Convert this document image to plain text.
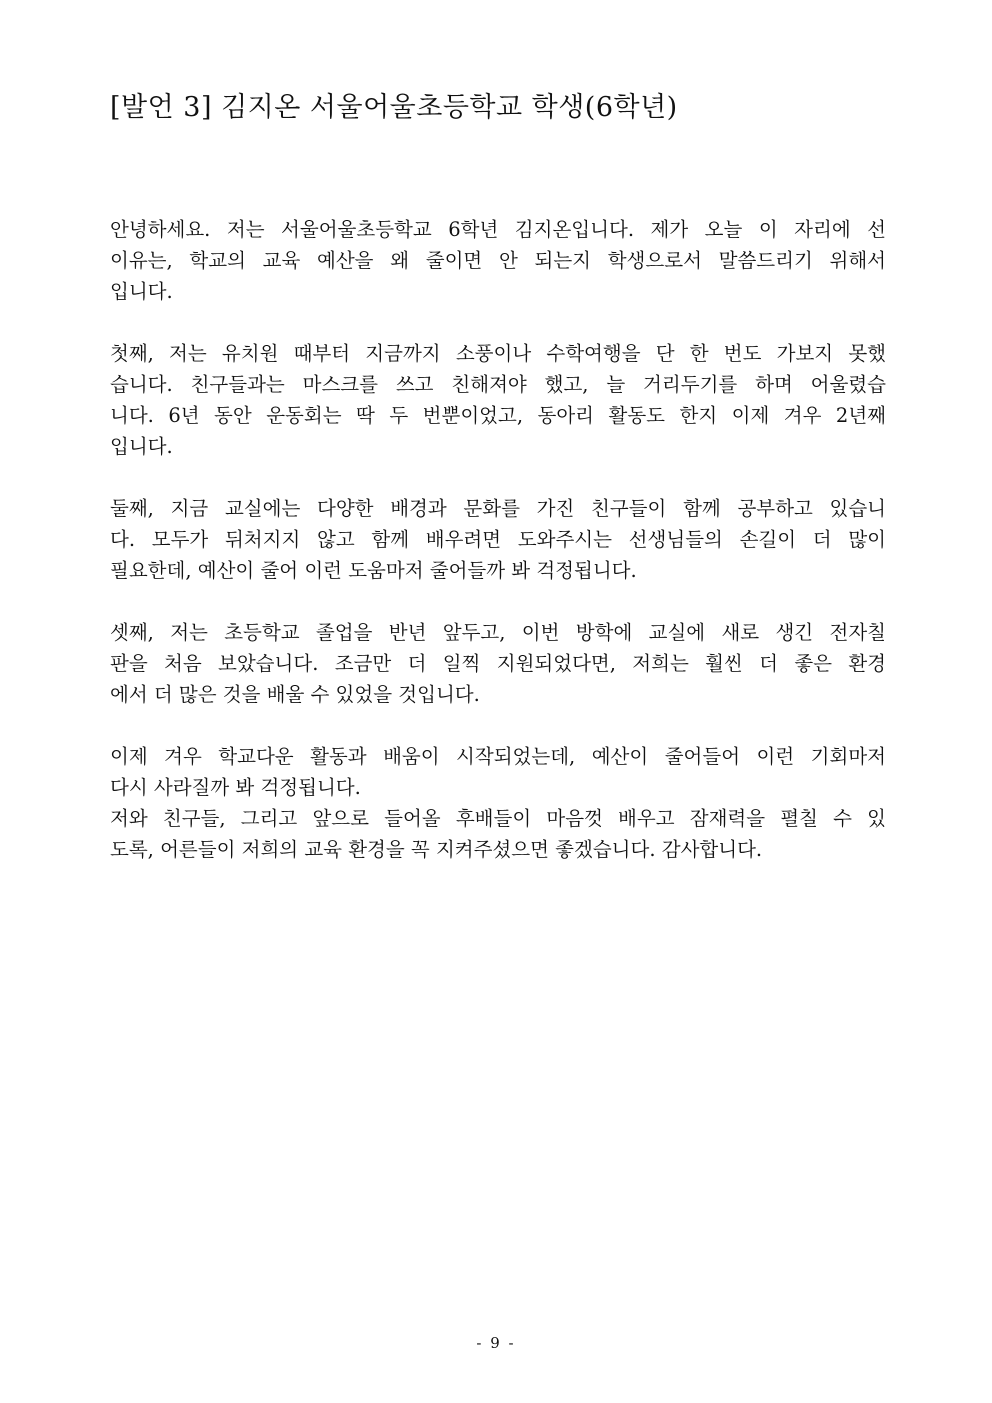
[발언 3] 김지온 서울어울초등학교 학생(6학년)
안녕하세요. 저는 서울어울초등학교 6학년 김지온입니다. 제가 오늘 이 자리에 선
이유는, 학교의 교육 예산을 왜 줄이면 안 되는지 학생으로서 말씀드리기 위해서
입니다.
첫째, 저는 유치원 때부터 지금까지 소풍이나 수학여행을 단 한 번도 가보지 못했
습니다. 친구들과는 마스크를 쓰고 친해져야 했고, 늘 거리두기를 하며 어울렸습
니다. 6년 동안 운동회는 딱 두 번뿐이었고, 동아리 활동도 한지 이제 겨우 2년째
입니다.
둘째, 지금 교실에는 다양한 배경과 문화를 가진 친구들이 함께 공부하고 있습니
다. 모두가 뒤처지지 않고 함께 배우려면 도와주시는 선생님들의 손길이 더 많이
필요한데, 예산이 줄어 이런 도움마저 줄어들까 봐 걱정됩니다.
셋째, 저는 초등학교 졸업을 반년 앞두고, 이번 방학에 교실에 새로 생긴 전자칠
판을 처음 보았습니다. 조금만 더 일찍 지원되었다면, 저희는 훨씬 더 좋은 환경
에서 더 많은 것을 배울 수 있었을 것입니다.
이제 겨우 학교다운 활동과 배움이 시작되었는데, 예산이 줄어들어 이런 기회마저
다시 사라질까 봐 걱정됩니다.
저와 친구들, 그리고 앞으로 들어올 후배들이 마음껏 배우고 잠재력을 펼칠 수 있
도록, 어른들이 저희의 교육 환경을 꼭 지켜주셨으면 좋겠습니다. 감사합니다.
- 9 -
